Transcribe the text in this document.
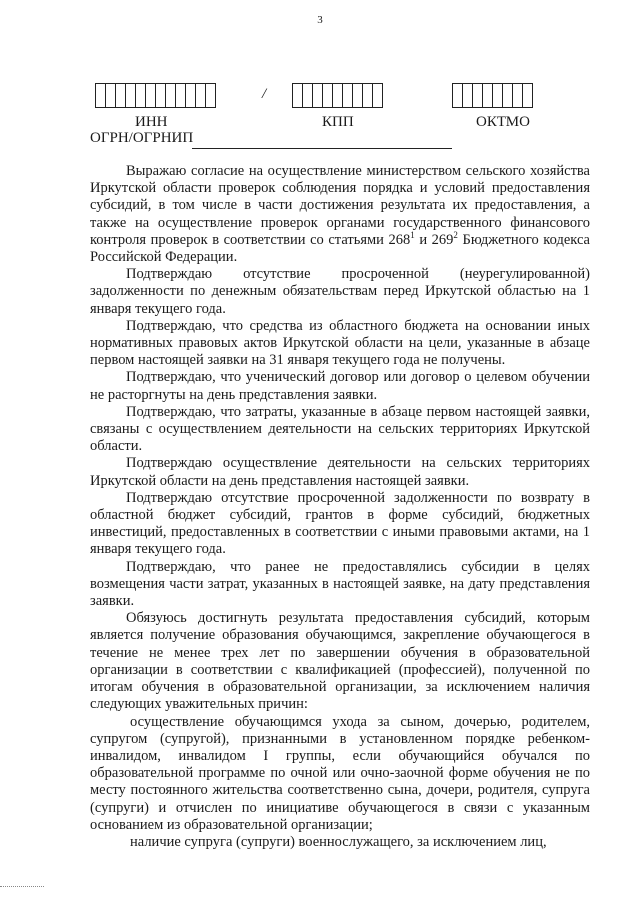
3
/
ИНН	КПП	ОКТМО
ОГРН/ОГРНИП

Выражаю согласие на осуществление министерством сельского хозяйства Иркутской области проверок соблюдения порядка и условий предоставления субсидий, в том числе в части достижения результата их предоставления, а также на осуществление проверок органами государственного финансового контроля проверок в соответствии со статьями $268^1$ и $269^2$ Бюджетного кодекса Российской Федерации.

Подтверждаю отсутствие просроченной (неурегулированной) задолженности по денежным обязательствам перед Иркутской областью на 1 января текущего года.

Подтверждаю, что средства из областного бюджета на основании иных нормативных правовых актов Иркутской области на цели, указанные в абзаце первом настоящей заявки на 31 января текущего года не получены.

Подтверждаю, что ученический договор или договор о целевом обучении не расторгнуты на день представления заявки.

Подтверждаю, что затраты, указанные в абзаце первом настоящей заявки, связаны с осуществлением деятельности на сельских территориях Иркутской области.

Подтверждаю осуществление деятельности на сельских территориях Иркутской области на день представления настоящей заявки.

Подтверждаю отсутствие просроченной задолженности по возврату в областной бюджет субсидий, грантов в форме субсидий, бюджетных инвестиций, предоставленных в соответствии с иными правовыми актами, на 1 января текущего года.

Подтверждаю, что ранее не предоставлялись субсидии в целях возмещения части затрат, указанных в настоящей заявке, на дату представления заявки.

Обязуюсь достигнуть результата предоставления субсидий, которым является получение образования обучающимся, закрепление обучающегося в течение не менее трех лет по завершении обучения в образовательной организации в соответствии с квалификацией (профессией), полученной по итогам обучения в образовательной организации, за исключением наличия следующих уважительных причин:

осуществление обучающимся ухода за сыном, дочерью, родителем, супругом (супругой), признанными в установленном порядке ребенком-инвалидом, инвалидом I группы, если обучающийся обучался по образовательной программе по очной или очно-заочной форме обучения не по месту постоянного жительства соответственно сына, дочери, родителя, супруга (супруги) и отчислен по инициативе обучающегося в связи с указанным основанием из образовательной организации;

наличие супруга (супруги) военнослужащего, за исключением лиц,
